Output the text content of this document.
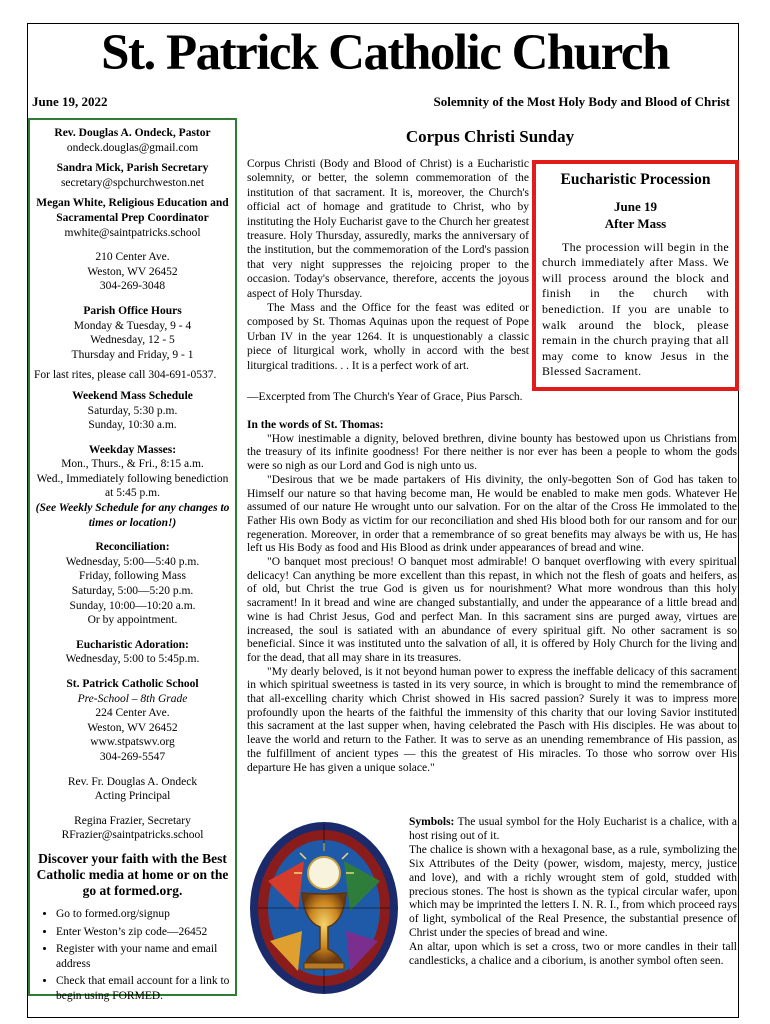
St. Patrick Catholic Church
June 19, 2022	Solemnity of the Most Holy Body and Blood of Christ
Rev. Douglas A. Ondeck, Pastor
ondeck.douglas@gmail.com
Sandra Mick, Parish Secretary
secretary@spchurchweston.net
Megan White, Religious Education and Sacramental Prep Coordinator
mwhite@saintpatricks.school
210 Center Ave.
Weston, WV 26452
304-269-3048
Parish Office Hours
Monday & Tuesday, 9 - 4
Wednesday, 12 - 5
Thursday and Friday, 9 - 1
For last rites, please call 304-691-0537.
Weekend Mass Schedule
Saturday, 5:30 p.m.
Sunday, 10:30 a.m.
Weekday Masses:
Mon., Thurs., & Fri., 8:15 a.m.
Wed., Immediately following benediction at 5:45 p.m.
(See Weekly Schedule for any changes to times or location!)
Reconciliation:
Wednesday, 5:00—5:40 p.m.
Friday, following Mass
Saturday, 5:00—5:20 p.m.
Sunday, 10:00—10:20 a.m.
Or by appointment.
Eucharistic Adoration:
Wednesday, 5:00 to 5:45p.m.
St. Patrick Catholic School
Pre-School – 8th Grade
224 Center Ave.
Weston, WV 26452
www.stpatswv.org
304-269-5547
Rev. Fr. Douglas A. Ondeck
Acting Principal
Regina Frazier, Secretary
RFrazier@saintpatricks.school
Discover your faith with the Best Catholic media at home or on the go at formed.org.
• Go to formed.org/signup
• Enter Weston’s zip code—26452
• Register with your name and email address
• Check that email account for a link to begin using FORMED.
Corpus Christi Sunday

Corpus Christi (Body and Blood of Christ) is a Eucharistic solemnity, or better, the solemn commemoration of the institution of that sacrament. It is, moreover, the Church's official act of homage and gratitude to Christ, who by instituting the Holy Eucharist gave to the Church her greatest treasure. Holy Thursday, assuredly, marks the anniversary of the institution, but the commemoration of the Lord's passion that very night suppresses the rejoicing proper to the occasion. Today's observance, therefore, accents the joyous aspect of Holy Thursday.

The Mass and the Office for the feast was edited or composed by St. Thomas Aquinas upon the request of Pope Urban IV in the year 1264. It is unquestionably a classic piece of liturgical work, wholly in accord with the best liturgical traditions. . . It is a perfect work of art.

Eucharistic Procession
June 19
After Mass
The procession will begin in the church immediately after Mass. We will process around the block and finish in the church with benediction. If you are unable to walk around the block, please remain in the church praying that all may come to know Jesus in the Blessed Sacrament.
—Excerpted from The Church's Year of Grace, Pius Parsch.
In the words of St. Thomas:

"How inestimable a dignity, beloved brethren, divine bounty has bestowed upon us Christians from the treasury of its infinite goodness! For there neither is nor ever has been a people to whom the gods were so nigh as our Lord and God is nigh unto us.

"Desirous that we be made partakers of His divinity, the only-begotten Son of God has taken to Himself our nature so that having become man, He would be enabled to make men gods. Whatever He assumed of our nature He wrought unto our salvation. For on the altar of the Cross He immolated to the Father His own Body as victim for our reconciliation and shed His blood both for our ransom and for our regeneration. Moreover, in order that a remembrance of so great benefits may always be with us, He has left us His Body as food and His Blood as drink under appearances of bread and wine.

"O banquet most precious! O banquet most admirable! O banquet overflowing with every spiritual delicacy! Can anything be more excellent than this repast, in which not the flesh of goats and heifers, as of old, but Christ the true God is given us for nourishment? What more wondrous than this holy sacrament! In it bread and wine are changed substantially, and under the appearance of a little bread and wine is had Christ Jesus, God and perfect Man. In this sacrament sins are purged away, virtues are increased, the soul is satiated with an abundance of every spiritual gift. No other sacrament is so beneficial. Since it was instituted unto the salvation of all, it is offered by Holy Church for the living and for the dead, that all may share in its treasures.

"My dearly beloved, is it not beyond human power to express the ineffable delicacy of this sacrament in which spiritual sweetness is tasted in its very source, in which is brought to mind the remembrance of that all-excelling charity which Christ showed in His sacred passion? Surely it was to impress more profoundly upon the hearts of the faithful the immensity of this charity that our loving Savior instituted this sacrament at the last supper when, having celebrated the Pasch with His disciples. He was about to leave the world and return to the Father. It was to serve as an unending remembrance of His passion, as the fulfillment of ancient types — this the greatest of His miracles. To those who sorrow over His departure He has given a unique solace."

Symbols: The usual symbol for the Holy Eucharist is a chalice, with a host rising out of it.

The chalice is shown with a hexagonal base, as a rule, symbolizing the Six Attributes of the Deity (power, wisdom, majesty, mercy, justice and love), and with a richly wrought stem of gold, studded with precious stones. The host is shown as the typical circular wafer, upon which may be imprinted the letters I. N. R. I., from which proceed rays of light, symbolical of the Real Presence, the substantial presence of Christ under the species of bread and wine.

An altar, upon which is set a cross, two or more candles in their tall candlesticks, a chalice and a ciborium, is another symbol often seen.
